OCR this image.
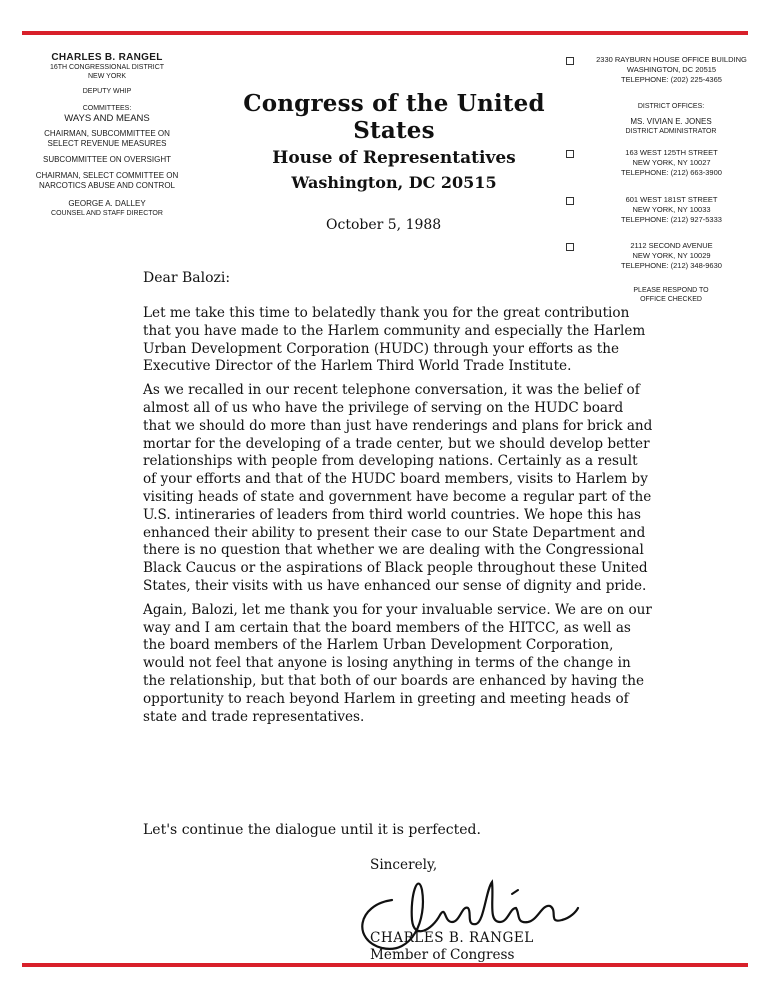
CHARLES B. RANGEL
16TH CONGRESSIONAL DISTRICT
NEW YORK
DEPUTY WHIP
COMMITTEES:
WAYS AND MEANS
CHAIRMAN, SUBCOMMITTEE ON
SELECT REVENUE MEASURES
SUBCOMMITTEE ON OVERSIGHT
CHAIRMAN, SELECT COMMITTEE ON
NARCOTICS ABUSE AND CONTROL
GEORGE A. DALLEY
COUNSEL AND STAFF DIRECTOR
Congress of the United States
House of Representatives
Washington, DC 20515
October 5, 1988
2330 RAYBURN HOUSE OFFICE BUILDING
WASHINGTON, DC 20515
TELEPHONE: (202) 225-4365
DISTRICT OFFICES:
MS. VIVIAN E. JONES
DISTRICT ADMINISTRATOR
163 WEST 125TH STREET
NEW YORK, NY 10027
TELEPHONE: (212) 663-3900
601 WEST 181ST STREET
NEW YORK, NY 10033
TELEPHONE: (212) 927-5333
2112 SECOND AVENUE
NEW YORK, NY 10029
TELEPHONE: (212) 348-9630
PLEASE RESPOND TO
OFFICE CHECKED
Dear Balozi:

Let me take this time to belatedly thank you for the great contribution that you have made to the Harlem community and especially the Harlem Urban Development Corporation (HUDC) through your efforts as the Executive Director of the Harlem Third World Trade Institute.

As we recalled in our recent telephone conversation, it was the belief of almost all of us who have the privilege of serving on the HUDC board that we should do more than just have renderings and plans for brick and mortar for the developing of a trade center, but we should develop better relationships with people from developing nations. Certainly as a result of your efforts and that of the HUDC board members, visits to Harlem by visiting heads of state and government have become a regular part of the U.S. intineraries of leaders from third world countries. We hope this has enhanced their ability to present their case to our State Department and there is no question that whether we are dealing with the Congressional Black Caucus or the aspirations of Black people throughout these United States, their visits with us have enhanced our sense of dignity and pride.

Again, Balozi, let me thank you for your invaluable service. We are on our way and I am certain that the board members of the HITCC, as well as the board members of the Harlem Urban Development Corporation, would not feel that anyone is losing anything in terms of the change in the relationship, but that both of our boards are enhanced by having the opportunity to reach beyond Harlem in greeting and meeting heads of state and trade representatives.

Let's continue the dialogue until it is perfected.
Sincerely,
CHARLES B. RANGEL
Member of Congress
